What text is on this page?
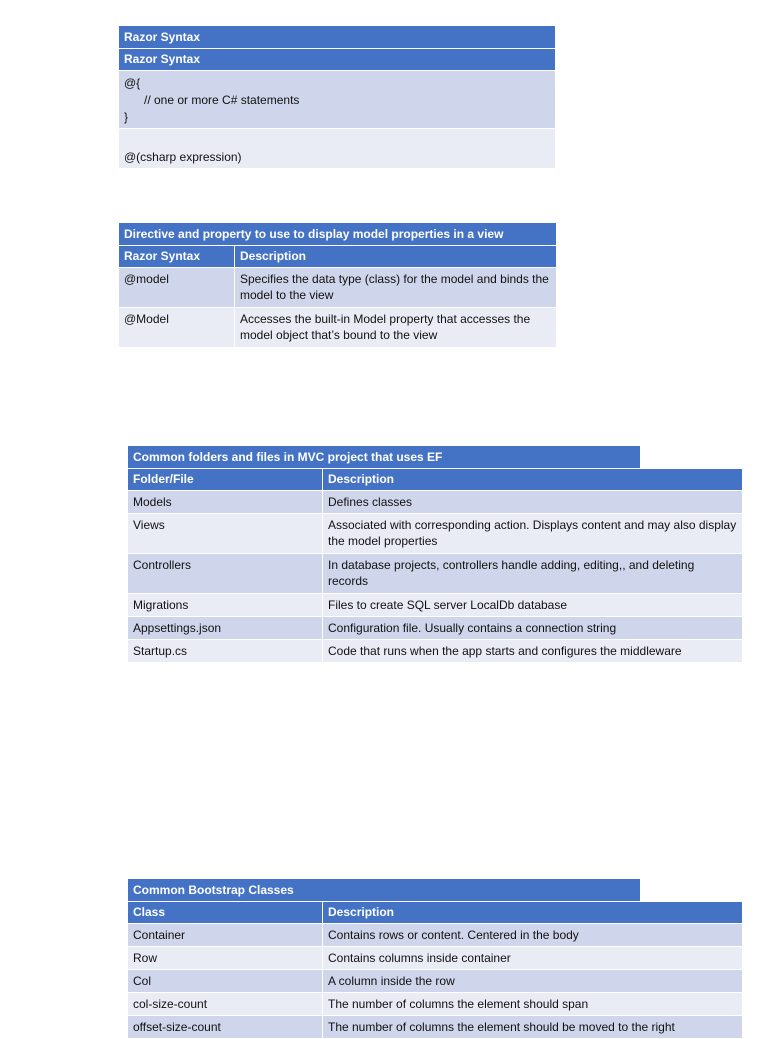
Razor Syntax
Razor Syntax
@{
// one or more C# statements
}
@(csharp expression)
Directive and property to use to display model properties in a view
Razor Syntax	Description
@model	Specifies the data type (class) for the model and binds the model to the view
@Model	Accesses the built-in Model property that accesses the model object that’s bound to the view
Common folders and files in MVC project that uses EF
Folder/File	Description
Models	Defines classes
Views	Associated with corresponding action. Displays content and may also display the model properties
Controllers	In database projects, controllers handle adding, editing,, and deleting records
Migrations	Files to create SQL server LocalDb database
Appsettings.json	Configuration file. Usually contains a connection string
Startup.cs	Code that runs when the app starts and configures the middleware
Common Bootstrap Classes
Class	Description
Container	Contains rows or content. Centered in the body
Row	Contains columns inside container
Col	A column inside the row
col-size-count	The number of columns the element should span
offset-size-count	The number of columns the element should be moved to the right
